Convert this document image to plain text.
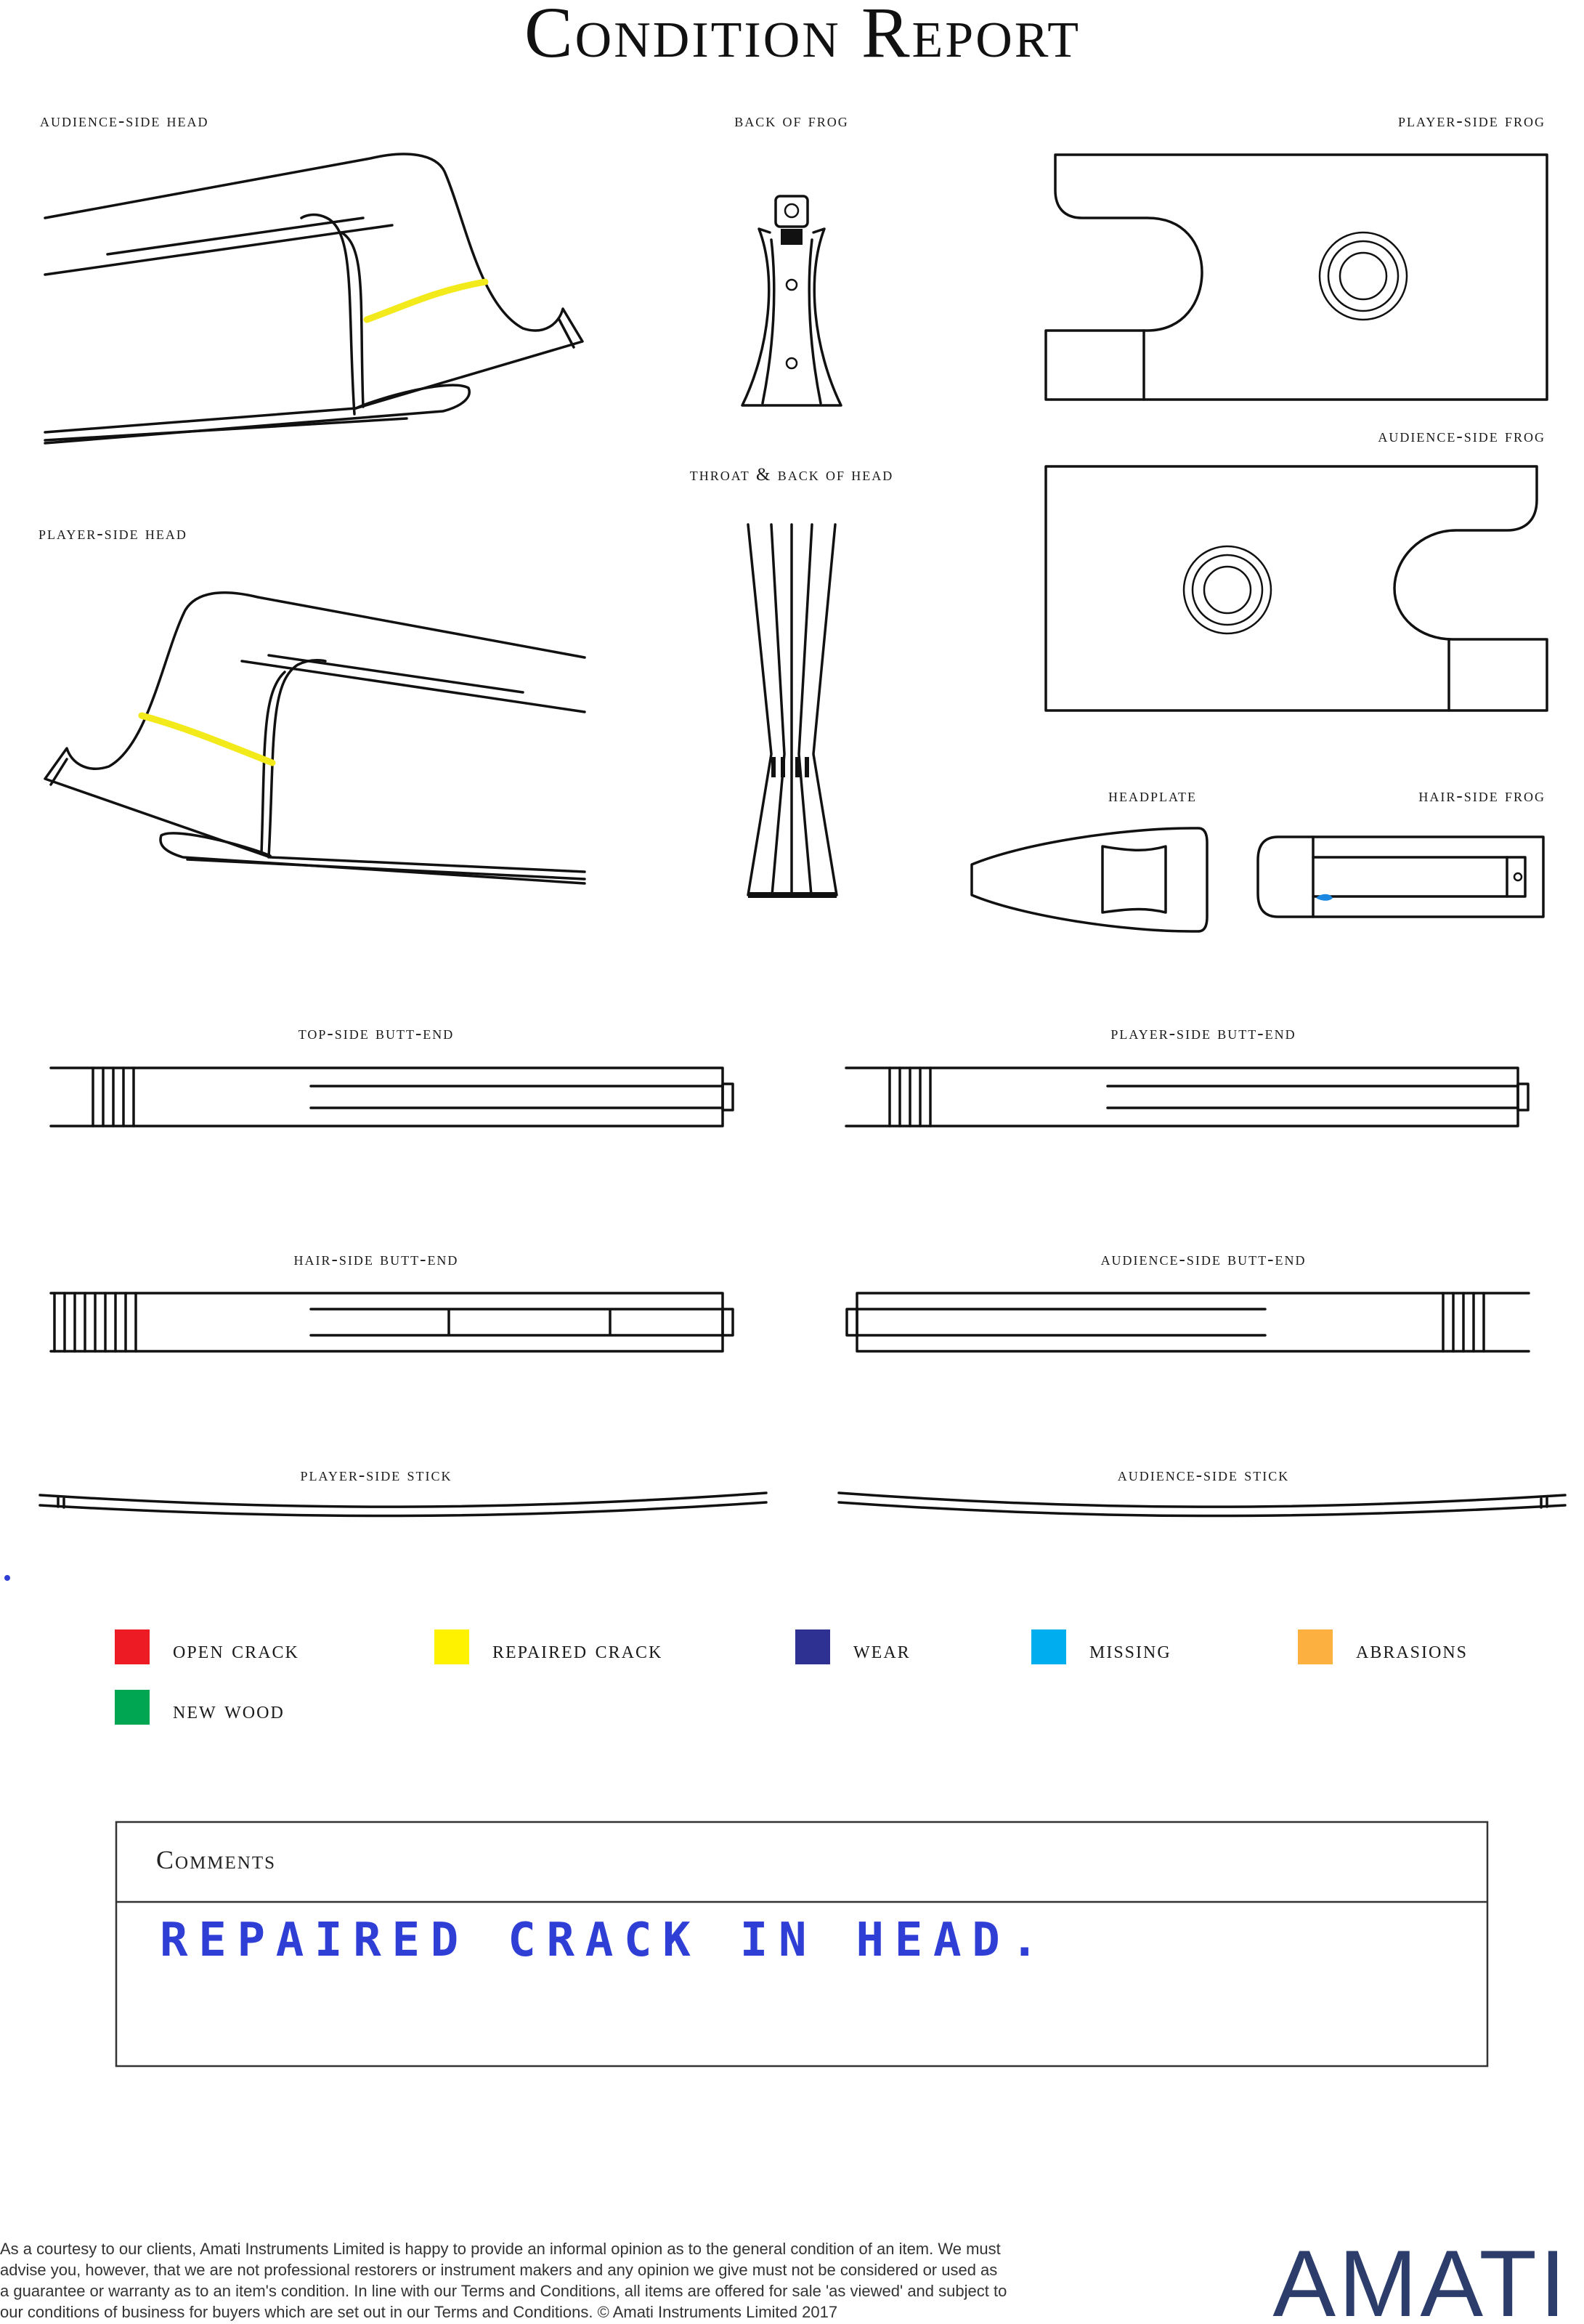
Condition Report
audience-side head	back of frog	player-side frog
audience-side frog
throat & back of head
player-side head
headplate	hair-side frog
top-side butt-end	player-side butt-end
hair-side butt-end	audience-side butt-end
player-side stick	audience-side stick
open crack	repaired crack	wear	missing	abrasions
new wood
Comments
REPAIRED CRACK IN HEAD.
As a courtesy to our clients, Amati Instruments Limited is happy to provide an informal opinion as to the general condition of an item. We must
advise you, however, that we are not professional restorers or instrument makers and any opinion we give must not be considered or used as
a guarantee or warranty as to an item's condition. In line with our Terms and Conditions, all items are offered for sale 'as viewed' and subject to
our conditions of business for buyers which are set out in our Terms and Conditions. © Amati Instruments Limited 2017	AMATI
